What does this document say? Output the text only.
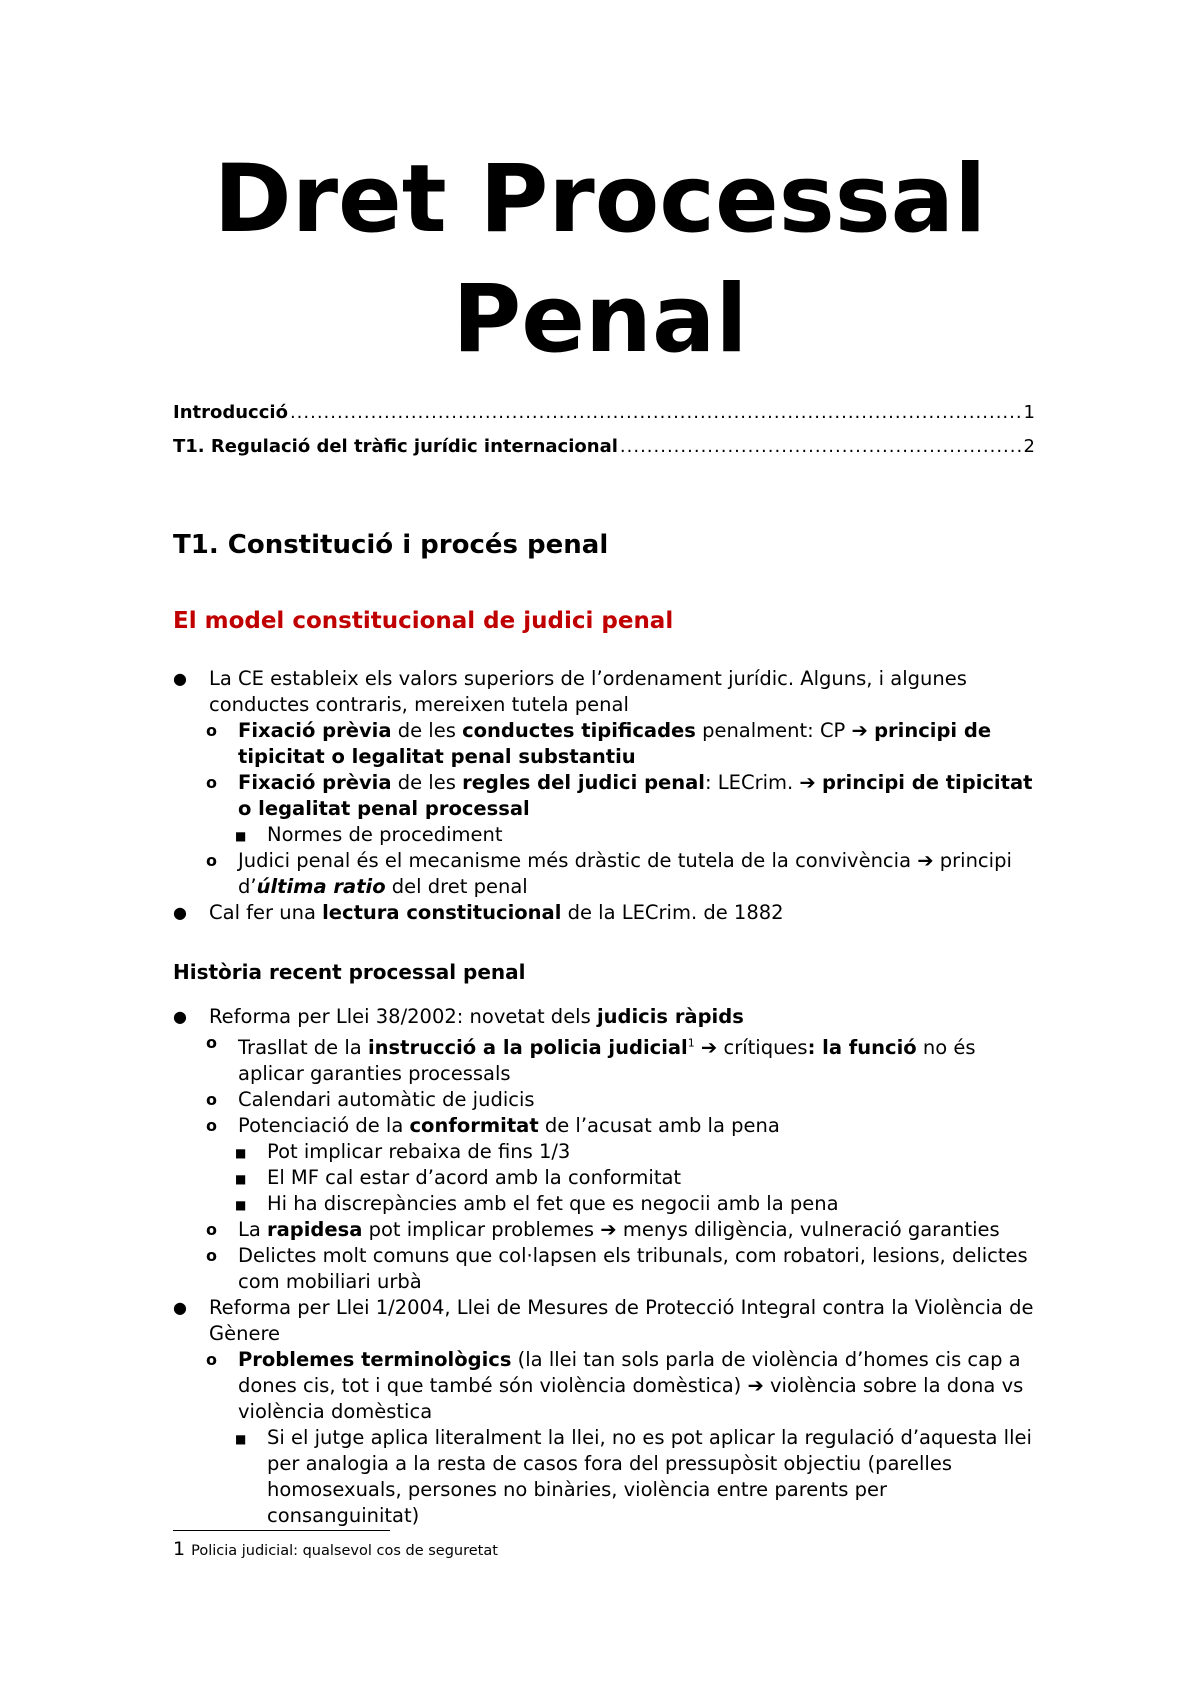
Dret Processal
Penal
Introducció .....	1
T1. Regulació del tràfic jurídic internacional .....	2
T1. Constitució i procés penal
El model constitucional de judici penal
● La CE estableix els valors superiors de l’ordenament jurídic. Alguns, i algunes conductes contraris, mereixen tutela penal
o Fixació prèvia de les conductes tipificades penalment: CP ➔ principi de tipicitat o legalitat penal substantiu
o Fixació prèvia de les regles del judici penal: LECrim. ➔ principi de tipicitat o legalitat penal processal
■ Normes de procediment
o Judici penal és el mecanisme més dràstic de tutela de la convivència ➔ principi d’última ratio del dret penal
● Cal fer una lectura constitucional de la LECrim. de 1882
Història recent processal penal
● Reforma per Llei 38/2002: novetat dels judicis ràpids
o Trasllat de la instrucció a la policia judicial$^1$ ➔ crítiques: la funció no és aplicar garanties processals
o Calendari automàtic de judicis
o Potenciació de la conformitat de l’acusat amb la pena
■ Pot implicar rebaixa de fins 1/3
■ El MF cal estar d’acord amb la conformitat
■ Hi ha discrepàncies amb el fet que es negocii amb la pena
o La rapidesa pot implicar problemes ➔ menys diligència, vulneració garanties
o Delictes molt comuns que col·lapsen els tribunals, com robatori, lesions, delictes com mobiliari urbà
● Reforma per Llei 1/2004, Llei de Mesures de Protecció Integral contra la Violència de Gènere
o Problemes terminològics (la llei tan sols parla de violència d’homes cis cap a dones cis, tot i que també són violència domèstica) ➔ violència sobre la dona vs violència domèstica
■ Si el jutge aplica literalment la llei, no es pot aplicar la regulació d’aquesta llei per analogia a la resta de casos fora del pressupòsit objectiu (parelles homosexuals, persones no binàries, violència entre parents per consanguinitat)
1 Policia judicial: qualsevol cos de seguretat
